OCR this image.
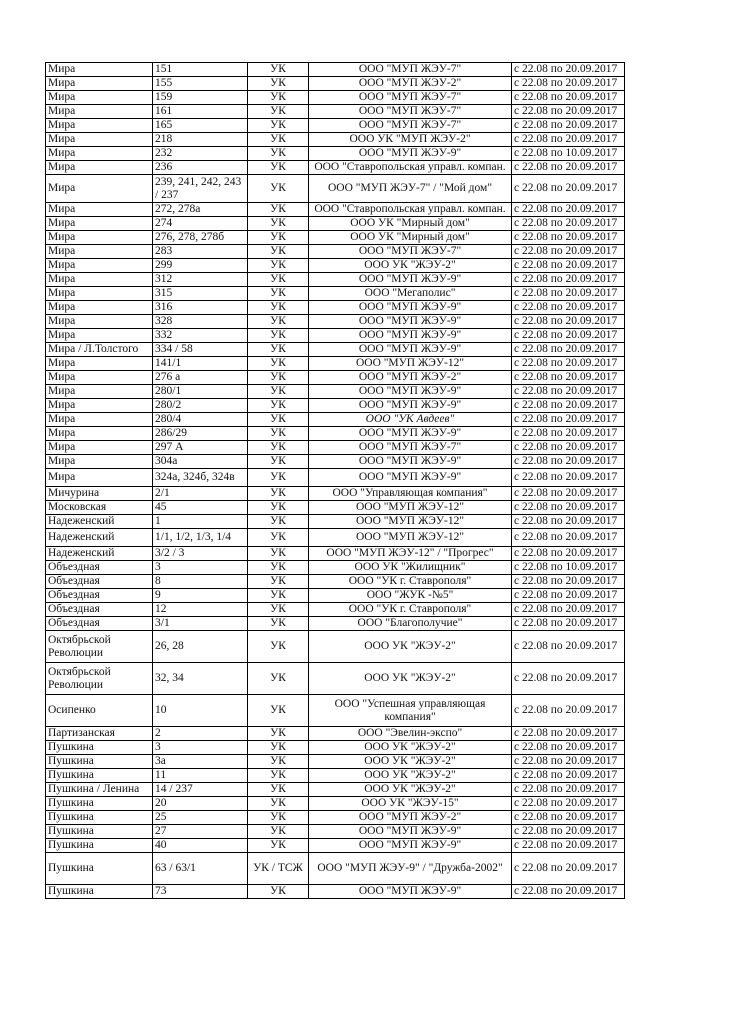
Мира	151	УК	ООО "МУП ЖЭУ-7"	с 22.08 по 20.09.2017
Мира	155	УК	ООО "МУП ЖЭУ-2"	с 22.08 по 20.09.2017
Мира	159	УК	ООО "МУП ЖЭУ-7"	с 22.08 по 20.09.2017
Мира	161	УК	ООО "МУП ЖЭУ-7"	с 22.08 по 20.09.2017
Мира	165	УК	ООО "МУП ЖЭУ-7"	с 22.08 по 20.09.2017
Мира	218	УК	ООО УК "МУП ЖЭУ-2"	с 22.08 по 20.09.2017
Мира	232	УК	ООО "МУП ЖЭУ-9"	с 22.08 по 10.09.2017
Мира	236	УК	ООО "Ставропольская управл. компан.	с 22.08 по 20.09.2017
Мира	239, 241, 242, 243 / 237	УК	ООО "МУП ЖЭУ-7" / "Мой дом"	с 22.08 по 20.09.2017
Мира	272, 278а	УК	ООО "Ставропольская управл. компан.	с 22.08 по 20.09.2017
Мира	274	УК	ООО УК "Мирный дом"	с 22.08 по 20.09.2017
Мира	276, 278, 278б	УК	ООО УК "Мирный дом"	с 22.08 по 20.09.2017
Мира	283	УК	ООО "МУП ЖЭУ-7"	с 22.08 по 20.09.2017
Мира	299	УК	ООО УК "ЖЭУ-2"	с 22.08 по 20.09.2017
Мира	312	УК	ООО "МУП ЖЭУ-9"	с 22.08 по 20.09.2017
Мира	315	УК	ООО "Мегаполис"	с 22.08 по 20.09.2017
Мира	316	УК	ООО "МУП ЖЭУ-9"	с 22.08 по 20.09.2017
Мира	328	УК	ООО "МУП ЖЭУ-9"	с 22.08 по 20.09.2017
Мира	332	УК	ООО "МУП ЖЭУ-9"	с 22.08 по 20.09.2017
Мира / Л.Толстого	334 / 58	УК	ООО "МУП ЖЭУ-9"	с 22.08 по 20.09.2017
Мира	141/1	УК	ООО "МУП ЖЭУ-12"	с 22.08 по 20.09.2017
Мира	276 а	УК	ООО "МУП ЖЭУ-2"	с 22.08 по 20.09.2017
Мира	280/1	УК	ООО "МУП ЖЭУ-9"	с 22.08 по 20.09.2017
Мира	280/2	УК	ООО "МУП ЖЭУ-9"	с 22.08 по 20.09.2017
Мира	280/4	УК	ООО "УК Авдеев"	с 22.08 по 20.09.2017
Мира	286/29	УК	ООО "МУП ЖЭУ-9"	с 22.08 по 20.09.2017
Мира	297 А	УК	ООО "МУП ЖЭУ-7"	с 22.08 по 20.09.2017
Мира	304а	УК	ООО "МУП ЖЭУ-9"	с 22.08 по 20.09.2017
Мира	324а, 324б, 324в	УК	ООО "МУП ЖЭУ-9"	с 22.08 по 20.09.2017
Мичурина	2/1	УК	ООО "Управляющая компания"	с 22.08 по 20.09.2017
Московская	45	УК	ООО "МУП ЖЭУ-12"	с 22.08 по 20.09.2017
Надеженский	1	УК	ООО "МУП ЖЭУ-12"	с 22.08 по 20.09.2017
Надеженский	1/1, 1/2, 1/3, 1/4	УК	ООО "МУП ЖЭУ-12"	с 22.08 по 20.09.2017
Надеженский	3/2 / 3	УК	ООО "МУП ЖЭУ-12" / "Прогрес"	с 22.08 по 20.09.2017
Объездная	3	УК	ООО УК "Жилищник"	с 22.08 по 10.09.2017
Объездная	8	УК	ООО "УК г. Ставрополя"	с 22.08 по 20.09.2017
Объездная	9	УК	ООО "ЖУК -№5"	с 22.08 по 20.09.2017
Объездная	12	УК	ООО "УК г. Ставрополя"	с 22.08 по 20.09.2017
Объездная	3/1	УК	ООО "Благополучие"	с 22.08 по 20.09.2017
Октябрьской Революции	26, 28	УК	ООО УК "ЖЭУ-2"	с 22.08 по 20.09.2017
Октябрьской Революции	32, 34	УК	ООО УК "ЖЭУ-2"	с 22.08 по 20.09.2017
Осипенко	10	УК	ООО "Успешная управляющая компания"	с 22.08 по 20.09.2017
Партизанская	2	УК	ООО "Эвелин-экспо"	с 22.08 по 20.09.2017
Пушкина	3	УК	ООО УК "ЖЭУ-2"	с 22.08 по 20.09.2017
Пушкина	3а	УК	ООО УК "ЖЭУ-2"	с 22.08 по 20.09.2017
Пушкина	11	УК	ООО УК "ЖЭУ-2"	с 22.08 по 20.09.2017
Пушкина / Ленина	14 / 237	УК	ООО УК "ЖЭУ-2"	с 22.08 по 20.09.2017
Пушкина	20	УК	ООО УК "ЖЭУ-15"	с 22.08 по 20.09.2017
Пушкина	25	УК	ООО "МУП ЖЭУ-2"	с 22.08 по 20.09.2017
Пушкина	27	УК	ООО "МУП ЖЭУ-9"	с 22.08 по 20.09.2017
Пушкина	40	УК	ООО "МУП ЖЭУ-9"	с 22.08 по 20.09.2017
Пушкина	63 / 63/1	УК / ТСЖ	ООО "МУП ЖЭУ-9" / "Дружба-2002"	с 22.08 по 20.09.2017
Пушкина	73	УК	ООО "МУП ЖЭУ-9"	с 22.08 по 20.09.2017
